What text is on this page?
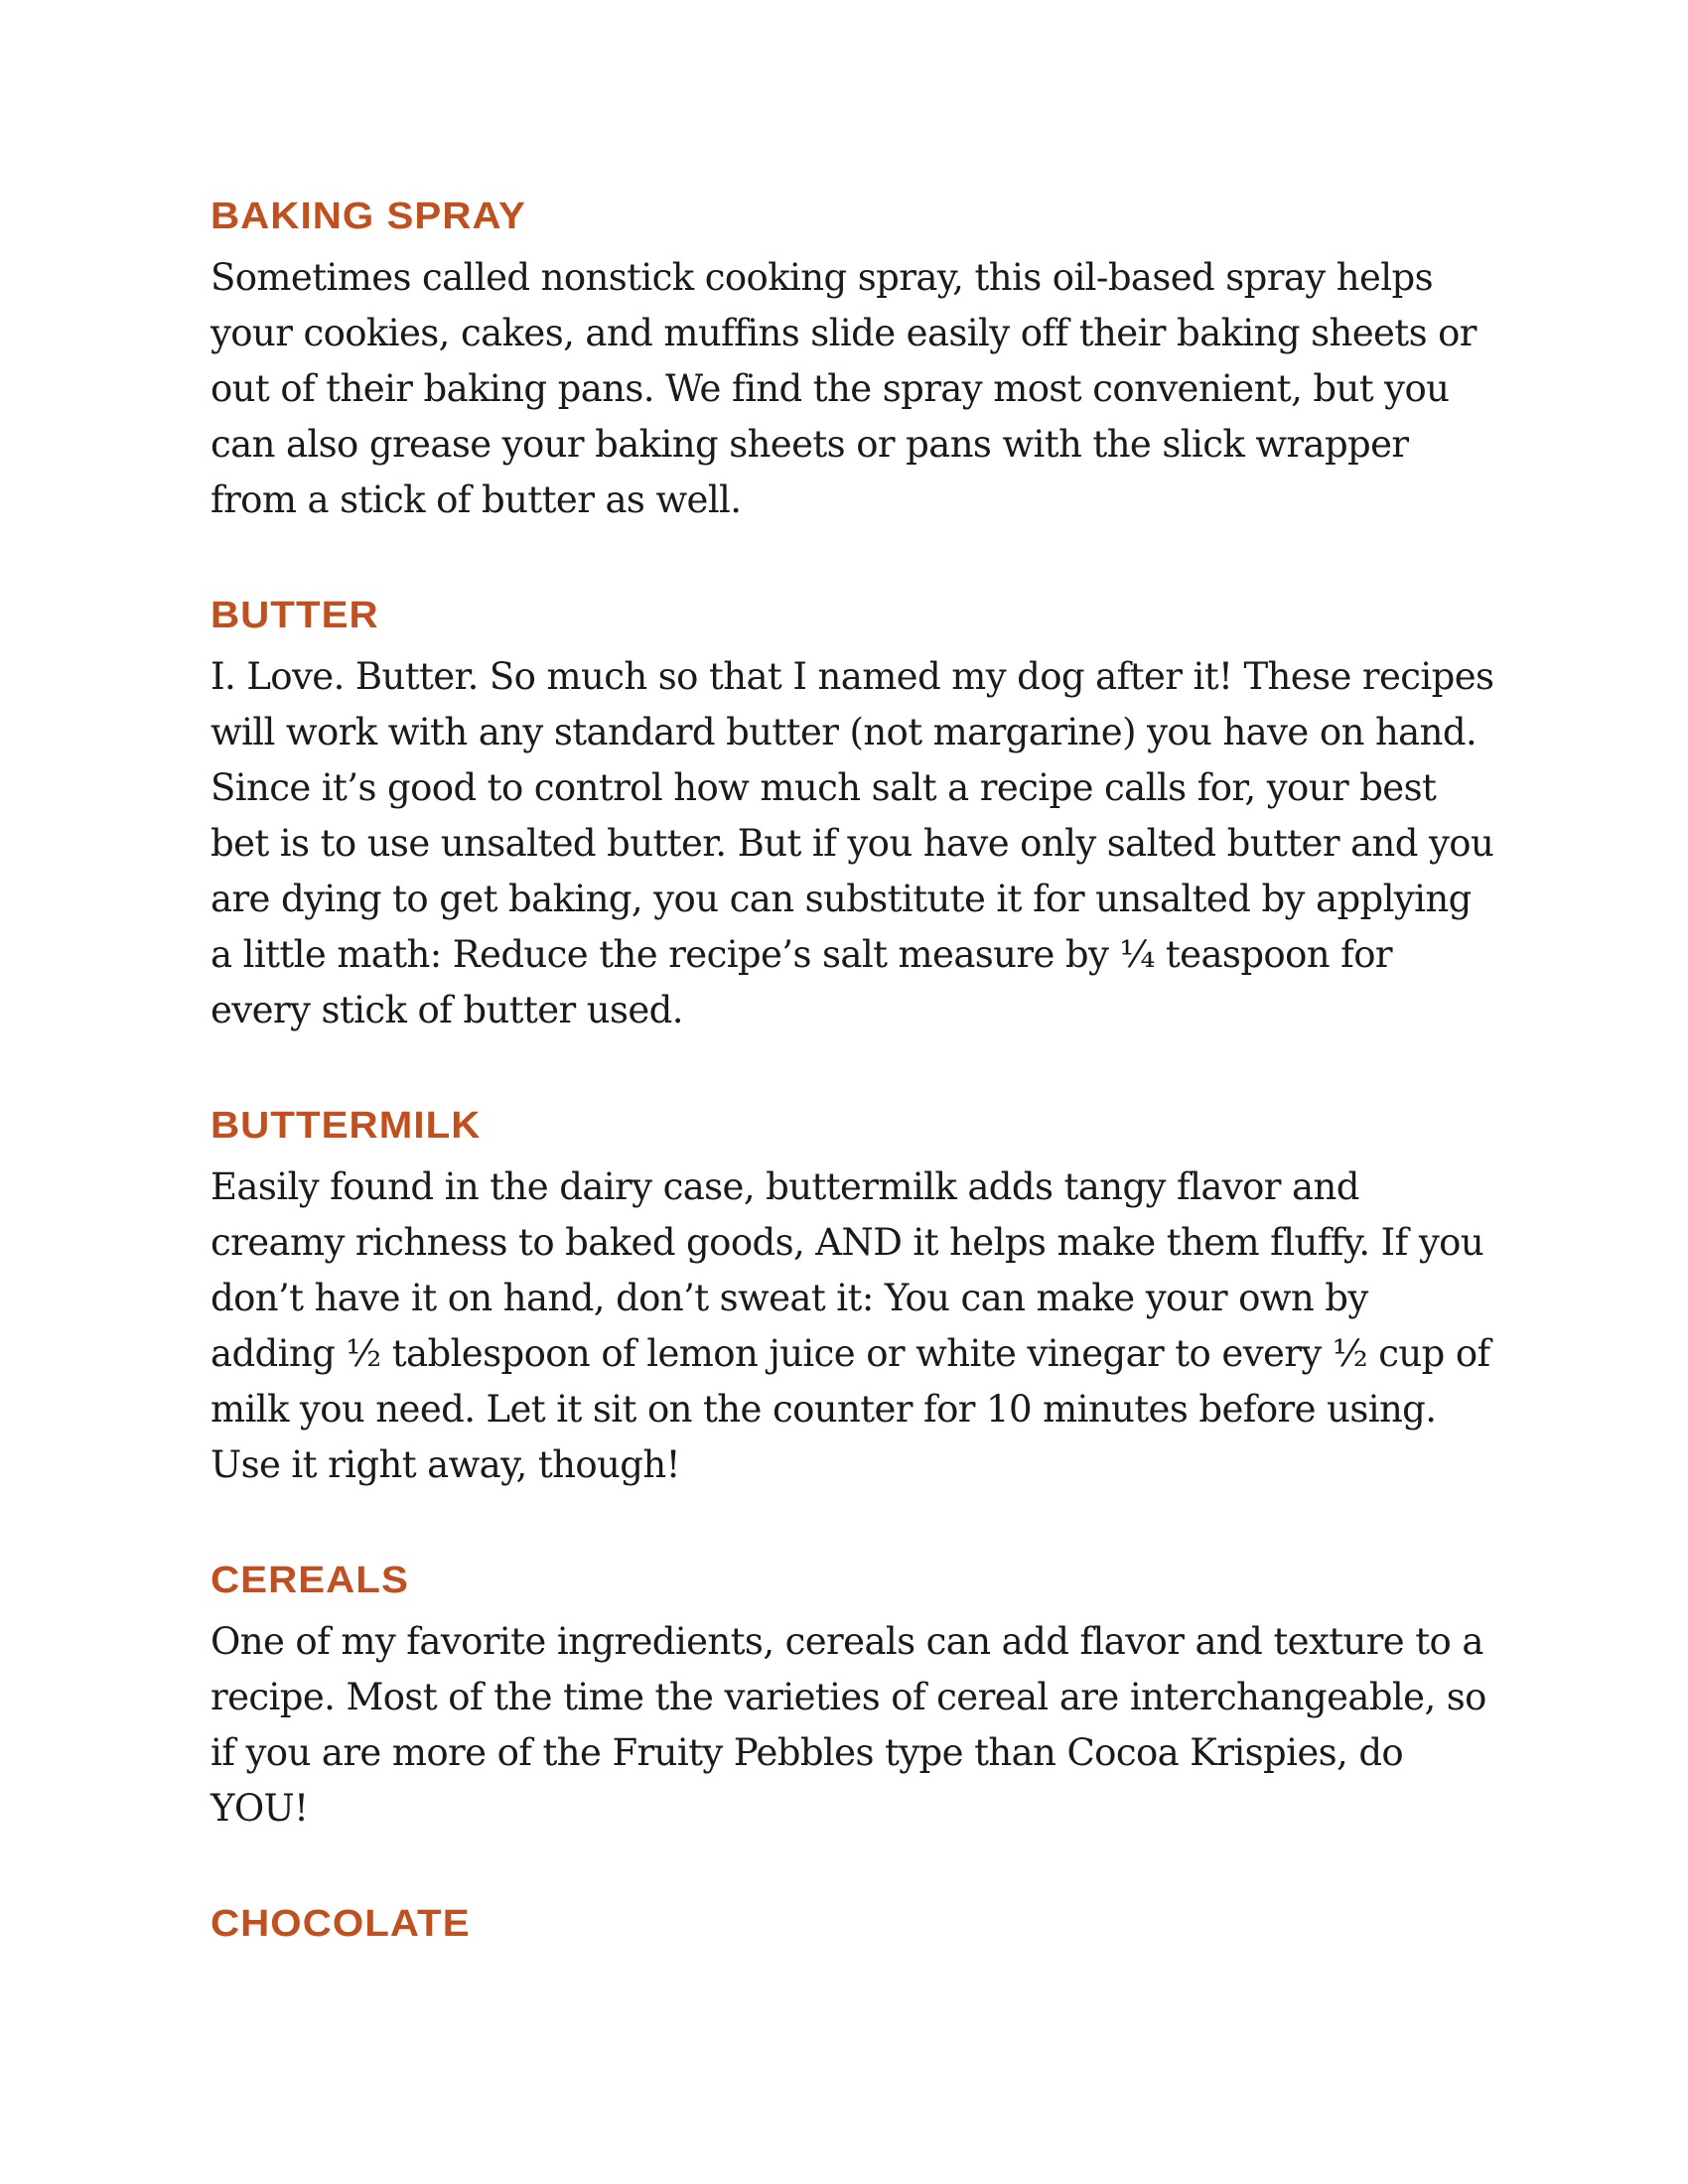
BAKING SPRAY

Sometimes called nonstick cooking spray, this oil-based spray helps your cookies, cakes, and muffins slide easily off their baking sheets or out of their baking pans. We find the spray most convenient, but you can also grease your baking sheets or pans with the slick wrapper from a stick of butter as well.

BUTTER

I. Love. Butter. So much so that I named my dog after it! These recipes will work with any standard butter (not margarine) you have on hand. Since it’s good to control how much salt a recipe calls for, your best bet is to use unsalted butter. But if you have only salted butter and you are dying to get baking, you can substitute it for unsalted by applying a little math: Reduce the recipe’s salt measure by ¼ teaspoon for every stick of butter used.

BUTTERMILK

Easily found in the dairy case, buttermilk adds tangy flavor and creamy richness to baked goods, AND it helps make them fluffy. If you don’t have it on hand, don’t sweat it: You can make your own by adding ½ tablespoon of lemon juice or white vinegar to every ½ cup of milk you need. Let it sit on the counter for 10 minutes before using. Use it right away, though!

CEREALS

One of my favorite ingredients, cereals can add flavor and texture to a recipe. Most of the time the varieties of cereal are interchangeable, so if you are more of the Fruity Pebbles type than Cocoa Krispies, do YOU!

CHOCOLATE
